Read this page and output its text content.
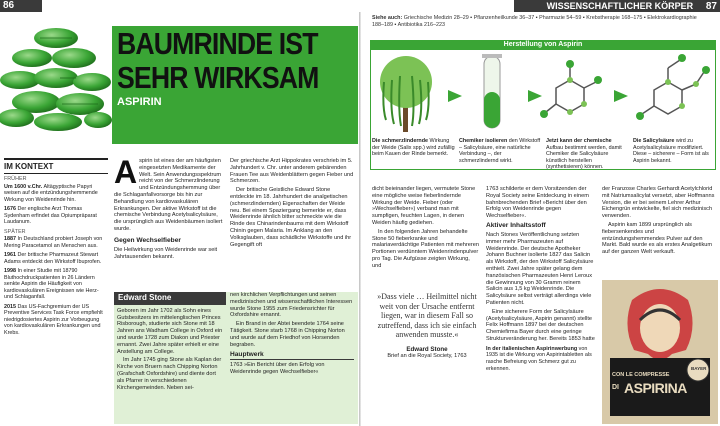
86
BAUMRINDE IST
SEHR WIRKSAM
ASPIRIN
IM KONTEXT

FRÜHER

Um 1600 v.Chr. Altägyptische Papyri weisen auf die entzündungshemmende Wirkung von Weidenrinde hin.

1676 Der englische Arzt Thomas Sydenham erfindet das Opiumpräparat Laudanum.

SPÄTER

1887 In Deutschland probiert Joseph von Mering Paracetamol an Menschen aus.

1961 Der britische Pharmazeut Stewart Adams entdeckt den Wirkstoff Ibuprofen.

1998 In einer Studie mit 18790 Bluthochdruckpatienten in 26 Ländern senkte Aspirin die Häufigkeit von kardiovaskulären Ereignissen wie Herz- und Schlaganfall.

2015 Das US-Fachgremium der US Preventive Services Task Force empfiehlt niedrigdosiertes Aspirin zur Vorbeugung von kardiovaskulären Erkrankungen und Krebs.

A spirin ist eines der am häufigsten eingesetzten Medikamente der Welt. Sein Anwendungsspektrum reicht von der Schmerzlinderung und Entzündungshemmung über die Schlaganfallvorsorge bis hin zur Behandlung von kardiovaskulären Erkrankungen. Der aktive Wirkstoff ist die chemische Verbindung Acetylsalicylsäure, die ursprünglich aus Weidenbäumen isoliert wurde.

Gegen Wechselfieber

Die Heilwirkung von Weidenrinde war seit Jahrtausenden bekannt.

Der griechische Arzt Hippokrates verschrieb im 5. Jahrhundert v. Chr. unter anderem gebärenden Frauen Tee aus Weidenblättern gegen Fieber und Schmerzen.

Der britische Geistliche Edward Stone entdeckte im 18. Jahrhundert die analgetischen (schmerzlindernden) Eigenschaften der Weide neu. Bei einem Spaziergang bemerkte er, dass Weidenrinde ähnlich bitter schmeckte wie die Rinde des Chinarindenbaums mit dem Wirkstoff Chinin gegen Malaria. Im Anklang an den Volksglauben, dass schädliche Wirkstoffe und ihr Gegengift oft

Edward Stone

Geboren im Jahr 1702 als Sohn eines Gutsbesitzers im mittelenglischen Princes Risborough, studierte sich Stone mit 18 Jahren ans Wadham College in Oxford ein und wurde 1728 zum Diakon und Priester ernannt. Zwei Jahre später erhielt er eine Anstellung am College.

Im Jahr 1745 ging Stone als Kaplan der Kirche von Bruern nach Chipping Norton (Grafschaft Oxfordshire) und diente dort als Pfarrer in verschiedenen Kirchengemeinden. Neben sei-

nen kirchlichen Verpflichtungen und seinen medizinischen und wissenschaftlichen Interessen wurde Stone 1955 zum Friedensrichter für Oxfordshire ernannt.

Ein Brand in der Abtei beendete 1764 seine Tätigkeit. Stone starb 1768 in Chipping Norton und wurde auf dem Friedhof von Horsenden begraben.

Hauptwerk

1763 »Ein Bericht über den Erfolg von Weidenrinde gegen Wechselfieber«

WISSENSCHAFTLICHER KÖRPER 87
Siehe auch: Griechische Medizin 28–29 ▪ Pflanzenheilkunde 36–37 ▪ Pharmazie 54–59 ▪ Krebstherapie 168–175 ▪ Elektrokardiographie 188–189 ▪ Antibiotika 216–223
Herstellung von Aspirin
Die schmerzlindernde Wirkung der Weide (Salix spp.) wird zufällig beim Kauen der Rinde bemerkt.
Chemiker isolieren den Wirkstoff – Salicylsäure, eine natürliche Verbindung –, der schmerzlindernd wirkt.
Jetzt kann der chemische Aufbau bestimmt werden, damit Chemiker die Salicylsäure künstlich herstellen (synthetisieren) können.
Die Salicylsäure wird zu Acetylsalicylsäure modifiziert. Diese – sicherere – Form ist als Aspirin bekannt.

dicht beieinander liegen, vermutete Stone eine mögliche weise fieberlindernde Wirkung der Weide. Fieber (oder »Wechselfieber«) verband man mit sumpfigen, feuchten Lagen, in denen Weiden häufig gediehen.

In den folgenden Jahren behandelte Stone 50 fieberkranke und malariaverdächtige Patienten mit mehreren Portionen verdünntem Weidenrindenpulver pro Tag. Die Aufgüsse zeigten Wirkung, und

»Dass viele … Heilmittel nicht weit von der Ursache entfernt liegen, war in diesem Fall so zutreffend, dass ich sie einfach anwenden musste.«

Edward Stone

Brief an die Royal Society, 1763

1763 schilderte er dem Vorsitzenden der Royal Society seine Entdeckung in einem bahnbrechenden Brief »Bericht über den Erfolg von Weidenrinde gegen Wechselfieber«.

Aktiver Inhaltsstoff

Nach Stones Veröffentlichung setzten immer mehr Pharmazeuten auf Weidenrinde. Der deutsche Apotheker Johann Buchner isolierte 1827 das Salicin als Wirkstoff, der den Wirkstoff Salicylsäure enthielt. Zwei Jahre später gelang dem französischen Pharmazeuten Henri Leroux die Gewinnung von 30 Gramm reinem Salicin aus 1,5 kg Weidenrinde. Die Salicylsäure selbst verträgt allerdings viele Patienten nicht.

Eine sicherere Form der Salicylsäure (Acetylsalicylsäure, Aspirin genannt) stellte Felix Hoffmann 1897 bei der deutschen Chemiefirma Bayer durch eine geringe Strukturveränderung her. Bereits 1853 hatte

In der italienischen Aspirinwerbung von 1935 ist die Wirkung von Aspirintabletten als rasche Befreiung von Schmerz gut zu erkennen.

der Franzose Charles Gerhardt Acetylchlorid mit Natriumsalicylat versetzt, aber Hoffmanns Version, die er bei seinem Lehrer Arthur Eichengrün entwickelte, fiel sich medizinisch verwenden.

Aspirin kam 1899 ursprünglich als fiebersenkendes und entzündungshemmendes Pulver auf den Markt. Bald wurde es als erstes Analgetikum auf der ganzen Welt verkauft.

CON LE COMPRESSE
DI ASPIRINA
BAYER
